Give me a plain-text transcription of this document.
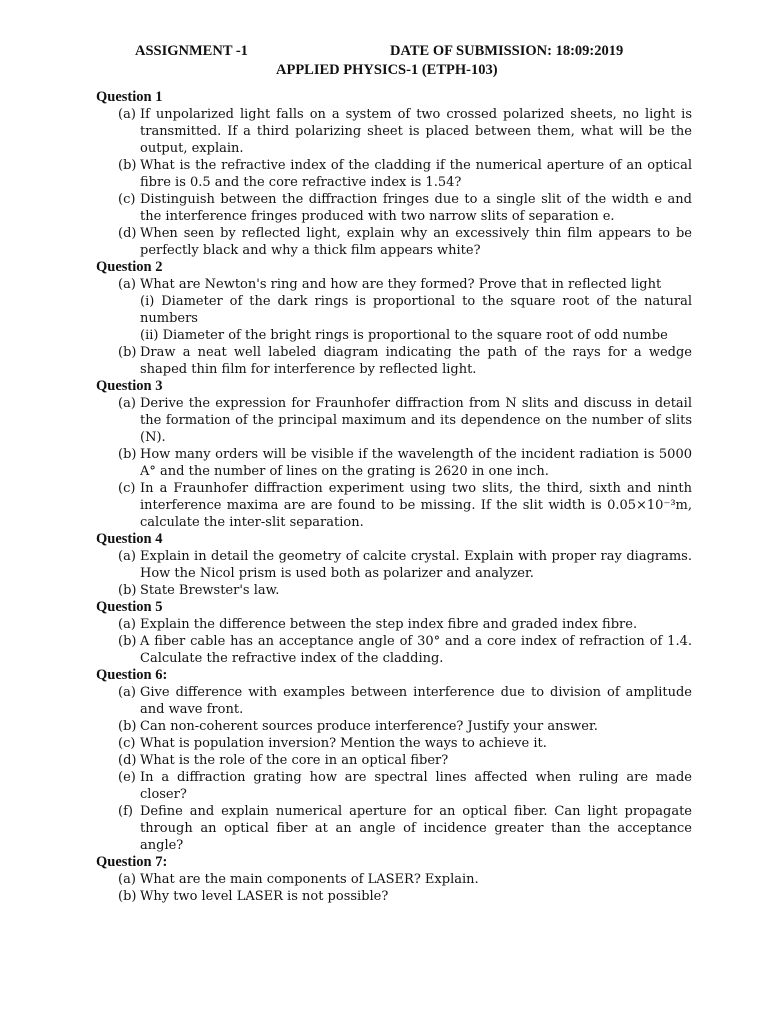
ASSIGNMENT -1	DATE OF SUBMISSION: 18:09:2019
APPLIED PHYSICS-1 (ETPH-103)
Question 1
(a) If unpolarized light falls on a system of two crossed polarized sheets, no light is transmitted. If a third polarizing sheet is placed between them, what will be the output, explain.
(b) What is the refractive index of the cladding if the numerical aperture of an optical fibre is 0.5 and the core refractive index is 1.54?
(c) Distinguish between the diffraction fringes due to a single slit of the width e and the interference fringes produced with two narrow slits of separation e.
(d) When seen by reflected light, explain why an excessively thin film appears to be perfectly black and why a thick film appears white?
Question 2
(a) What are Newton's ring and how are they formed? Prove that in reflected light
(i) Diameter of the dark rings is proportional to the square root of the natural numbers
(ii) Diameter of the bright rings is proportional to the square root of odd numbe
(b) Draw a neat well labeled diagram indicating the path of the rays for a wedge shaped thin film for interference by reflected light.
Question 3
(a) Derive the expression for Fraunhofer diffraction from N slits and discuss in detail the formation of the principal maximum and its dependence on the number of slits (N).
(b) How many orders will be visible if the wavelength of the incident radiation is 5000 A° and the number of lines on the grating is 2620 in one inch.
(c) In a Fraunhofer diffraction experiment using two slits, the third, sixth and ninth interference maxima are are found to be missing. If the slit width is 0.05×10⁻³m, calculate the inter-slit separation.
Question 4
(a) Explain in detail the geometry of calcite crystal. Explain with proper ray diagrams. How the Nicol prism is used both as polarizer and analyzer.
(b) State Brewster's law.
Question 5
(a) Explain the difference between the step index fibre and graded index fibre.
(b) A fiber cable has an acceptance angle of 30° and a core index of refraction of 1.4. Calculate the refractive index of the cladding.
Question 6:
(a) Give difference with examples between interference due to division of amplitude and wave front.
(b) Can non-coherent sources produce interference? Justify your answer.
(c) What is population inversion? Mention the ways to achieve it.
(d) What is the role of the core in an optical fiber?
(e) In a diffraction grating how are spectral lines affected when ruling are made closer?
(f) Define and explain numerical aperture for an optical fiber. Can light propagate through an optical fiber at an angle of incidence greater than the acceptance angle?
Question 7:
(a) What are the main components of LASER? Explain.
(b) Why two level LASER is not possible?
